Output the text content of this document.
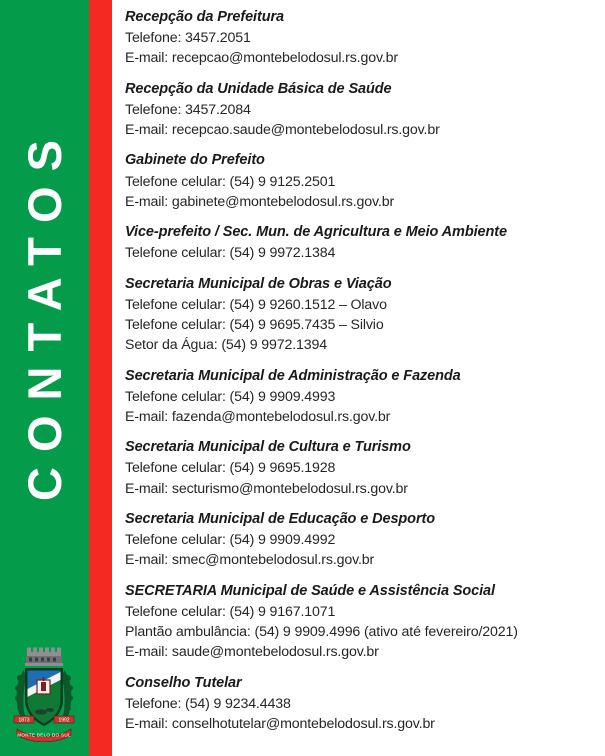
CONTATOS
1873	1992
MONTE BELO DO SUL
Recepção da Prefeitura
Telefone: 3457.2051
E-mail: recepcao@montebelodosul.rs.gov.br
Recepção da Unidade Básica de Saúde
Telefone: 3457.2084
E-mail: recepcao.saude@montebelodosul.rs.gov.br
Gabinete do Prefeito
Telefone celular: (54) 9 9125.2501
E-mail: gabinete@montebelodosul.rs.gov.br
Vice-prefeito / Sec. Mun. de Agricultura e Meio Ambiente
Telefone celular: (54) 9 9972.1384
Secretaria Municipal de Obras e Viação
Telefone celular: (54) 9 9260.1512 – Olavo
Telefone celular: (54) 9 9695.7435 – Silvio
Setor da Água: (54) 9 9972.1394
Secretaria Municipal de Administração e Fazenda
Telefone celular: (54) 9 9909.4993
E-mail: fazenda@montebelodosul.rs.gov.br
Secretaria Municipal de Cultura e Turismo
Telefone celular: (54) 9 9695.1928
E-mail: secturismo@montebelodosul.rs.gov.br
Secretaria Municipal de Educação e Desporto
Telefone celular: (54) 9 9909.4992
E-mail: smec@montebelodosul.rs.gov.br
SECRETARIA Municipal de Saúde e Assistência Social
Telefone celular: (54) 9 9167.1071
Plantão ambulância: (54) 9 9909.4996 (ativo até fevereiro/2021)
E-mail: saude@montebelodosul.rs.gov.br
Conselho Tutelar
Telefone: (54) 9 9234.4438
E-mail: conselhotutelar@montebelodosul.rs.gov.br
